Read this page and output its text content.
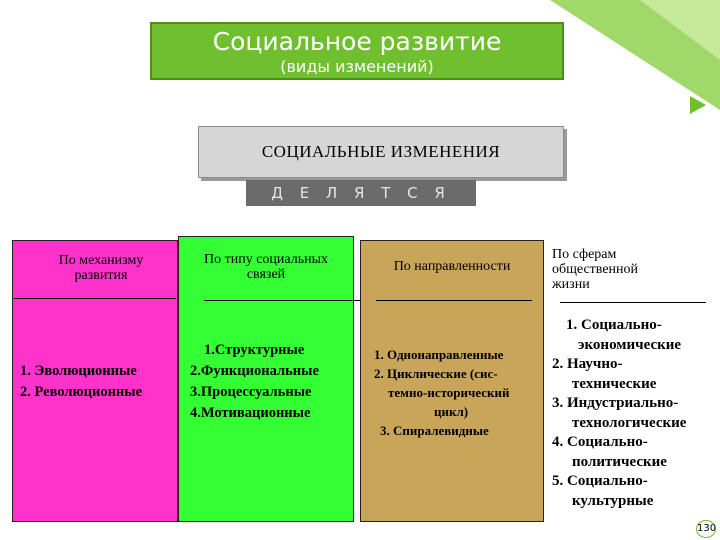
Социальное развитие
(виды изменений)
СОЦИАЛЬНЫЕ ИЗМЕНЕНИЯ
Д Е Л Я Т С Я
По механизму развития
1. Эволюционные
2. Революционные
По типу социальных связей
1.Структурные
2.Функциональные
3.Процессуальные
4.Мотивационные
По направленности
1. Однонаправленные
2. Циклические (сис-
темно-исторический
цикл)
3. Спиралевидные
По сферам общественной жизни
1. Социально-
экономические
2. Научно-
технические
3. Индустриально-
технологические
4. Социально-
политические
5. Социально-
культурные
130
